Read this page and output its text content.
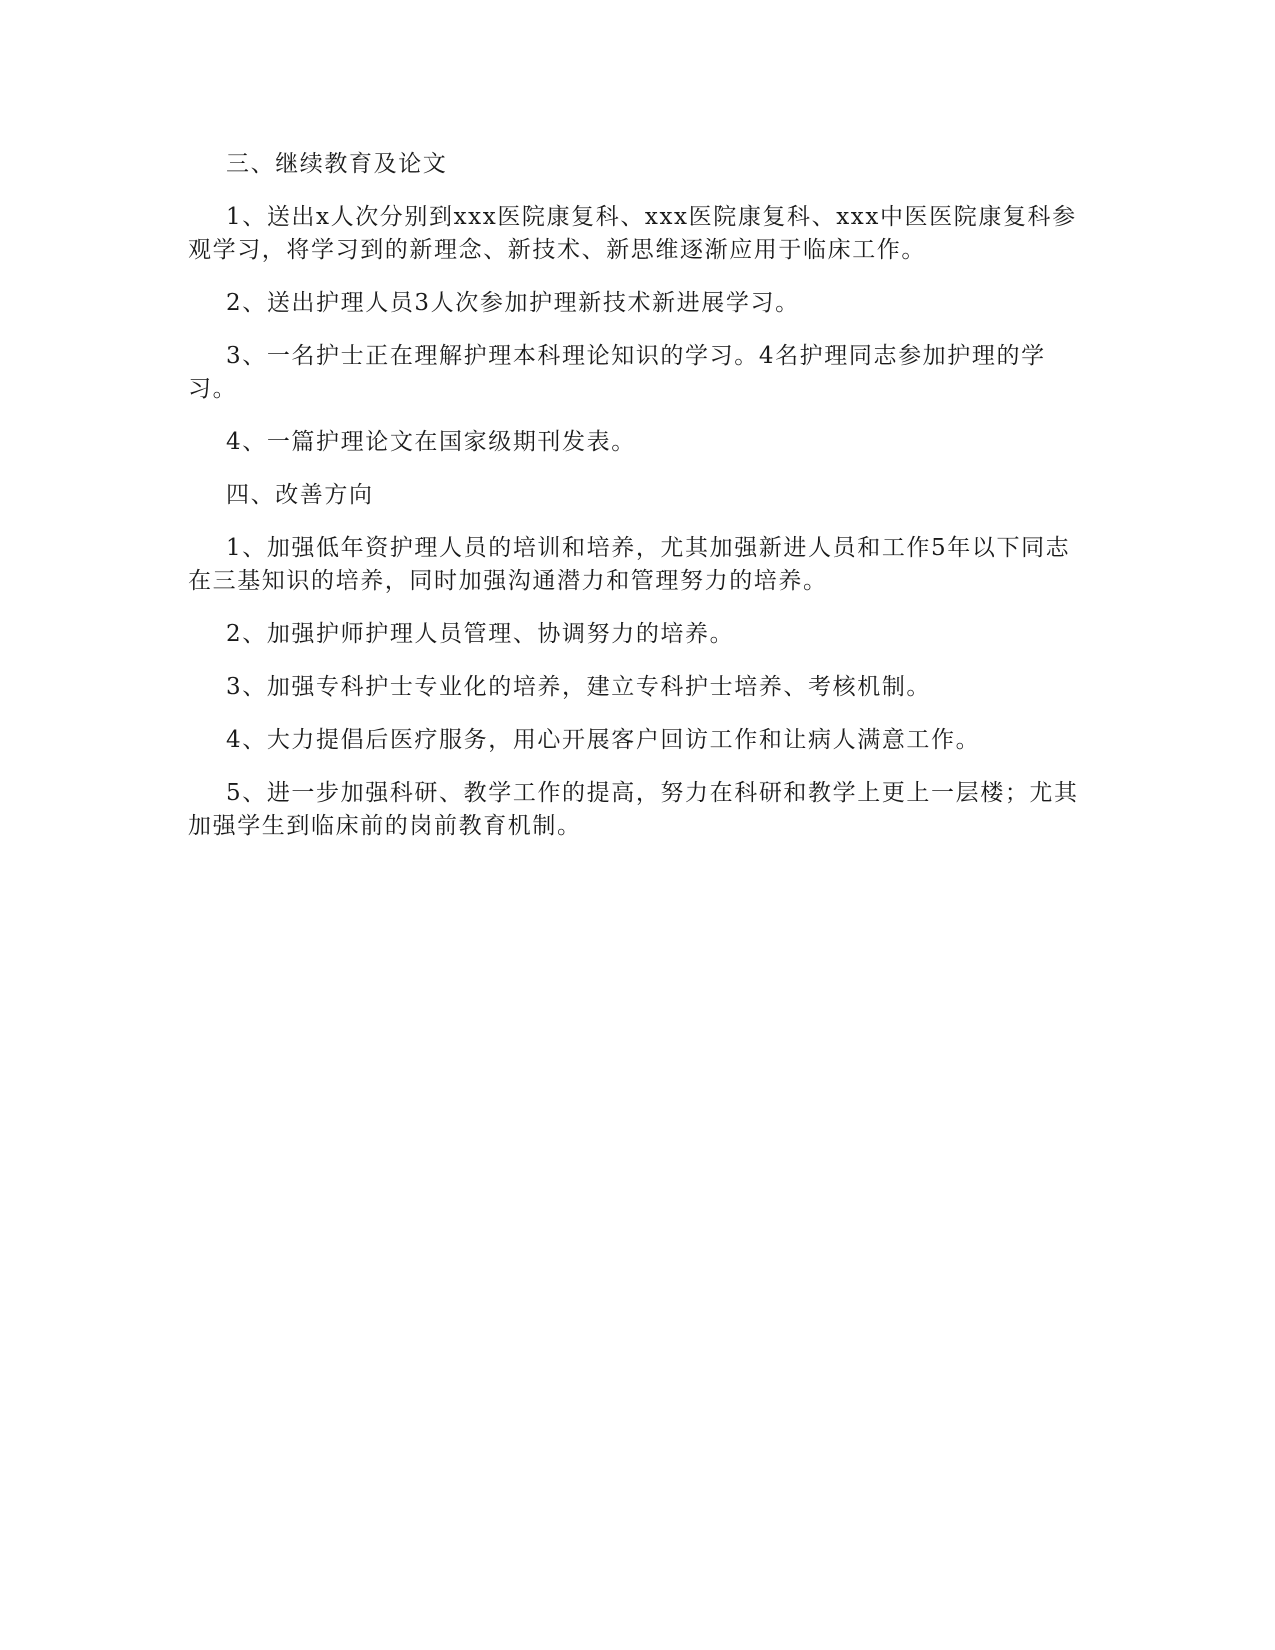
三、继续教育及论文

1、送出x人次分别到xxx医院康复科、xxx医院康复科、xxx中医医院康复科参观学习，将学习到的新理念、新技术、新思维逐渐应用于临床工作。

2、送出护理人员3人次参加护理新技术新进展学习。

3、一名护士正在理解护理本科理论知识的学习。4名护理同志参加护理的学习。

4、一篇护理论文在国家级期刊发表。

四、改善方向

1、加强低年资护理人员的培训和培养，尤其加强新进人员和工作5年以下同志在三基知识的培养，同时加强沟通潜力和管理努力的培养。

2、加强护师护理人员管理、协调努力的培养。

3、加强专科护士专业化的培养，建立专科护士培养、考核机制。

4、大力提倡后医疗服务，用心开展客户回访工作和让病人满意工作。

5、进一步加强科研、教学工作的提高，努力在科研和教学上更上一层楼；尤其加强学生到临床前的岗前教育机制。
